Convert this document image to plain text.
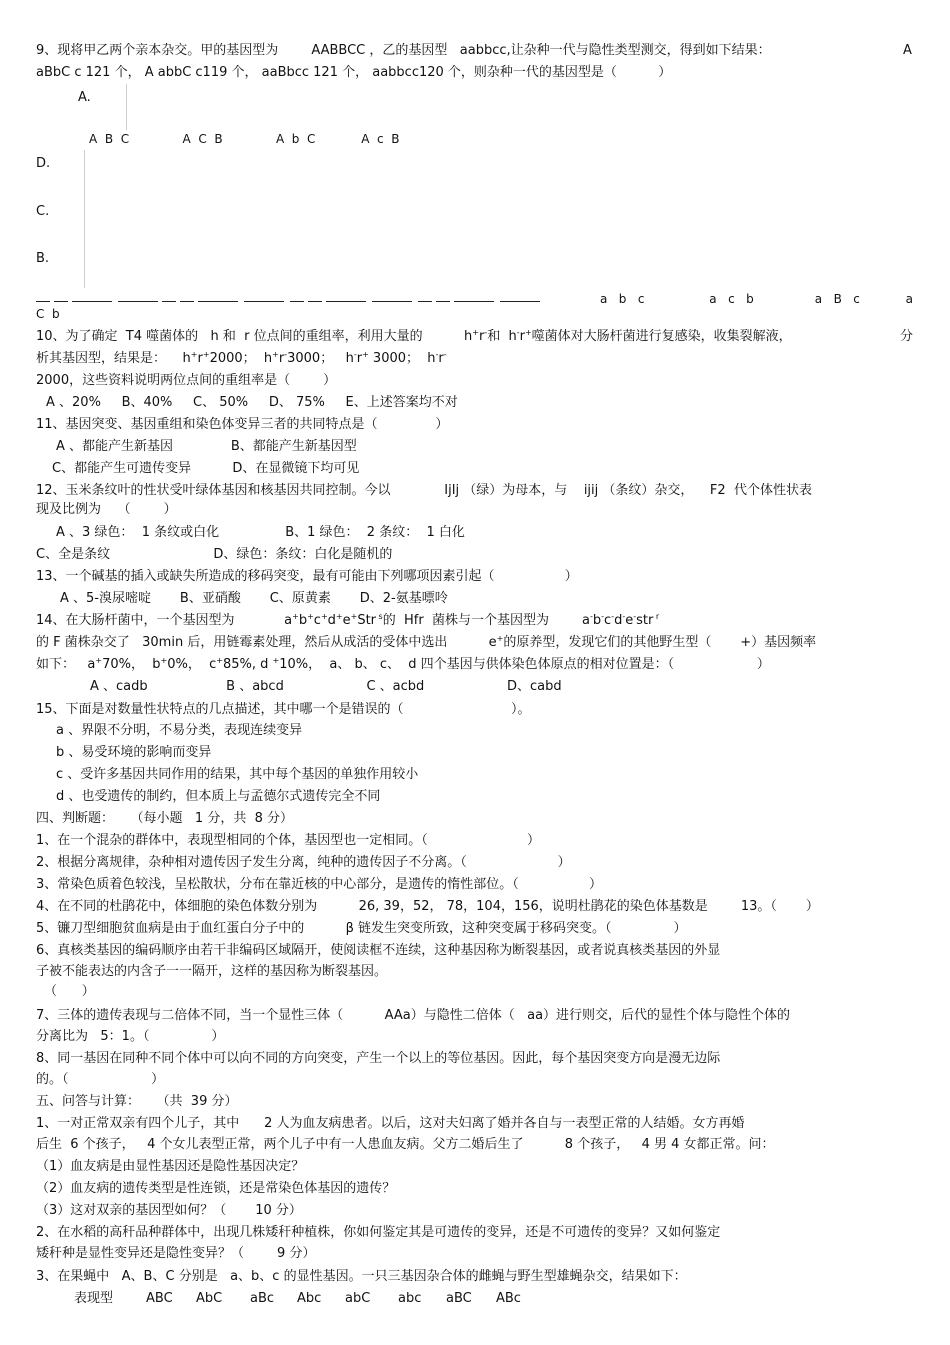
9、现将甲乙两个亲本杂交。甲的基因型为        AABBCC ，乙的基因型   aabbcc,让杂种一代与隐性类型测交，得到如下结果：	A
aBbC c 121 个， A abbC c119 个， aaBbcc 121 个， aabbcc120 个，则杂种一代的基因型是（          ）
A.
A  B  C              A  C  B              A  b  C            A  c  B
D.
C.
B.
a   b   c                 a   c   b                a   B   c            a
C  b
10、为了确定  T4 噬菌体的   h 和  r 位点间的重组率，利用大量的          h+r-和  h-r+噬菌体对大肠杆菌进行复感染，收集裂解液，	分
析其基因型，结果是：    h+r+2000；  h+r-3000；   h-r+ 3000；  h-r-
2000，这些资料说明两位点间的重组率是（        ）
A 、20%     B、40%     C、 50%     D、 75%     E、上述答案均不对
11、基因突变、基因重组和染色体变异三者的共同特点是（              ）
A 、都能产生新基因              B、都能产生新基因型
C、都能产生可遗传变异          D、在显微镜下均可见
12、玉米条纹叶的性状受叶绿体基因和核基因共同控制。今以             IjIj （绿）为母本，与    ijij （条纹）杂交，    F2  代个体性状表
现及比例为    （        ）
A 、3 绿色：  1 条纹或白化                B、1 绿色：  2 条纹：  1 白化
C、全是条纹                         D、绿色：条纹：白化是随机的
13、一个碱基的插入或缺失所造成的移码突变，最有可能由下列哪项因素引起（                 ）
A 、5-溴尿嘧啶       B、亚硝酸       C、原黄素       D、2-氨基嘌呤
14、在大肠杆菌中，一个基因型为            a+b+c+d+e+Str $^s$的  Hfr  菌株与一个基因型为        a-b-c-d-e-str $^r$
的 F 菌株杂交了   30min 后，用链霉素处理，然后从成活的受体中选出          e+的原养型，发现它们的其他野生型（       +）基因频率
如下：   a+70%，  b+0%，  c+85%, d +10%，  a、 b、 c、  d 四个基因与供体染色体原点的相对位置是：（                    ）
A 、cadb                   B 、abcd                    C 、acbd                    D、cabd
15、下面是对数量性状特点的几点描述，其中哪一个是错误的（                          ）。
a 、界限不分明，不易分类，表现连续变异
b 、易受环境的影响而变异
c 、受许多基因共同作用的结果，其中每个基因的单独作用较小
d 、也受遗传的制约，但本质上与孟德尔式遗传完全不同
四、判断题：    （每小题   1 分，共  8 分）
1、在一个混杂的群体中，表现型相同的个体，基因型也一定相同。（                        ）
2、根据分离规律，杂种相对遗传因子发生分离，纯种的遗传因子不分离。（                      ）
3、常染色质着色较浅，呈松散状，分布在靠近核的中心部分，是遗传的惰性部位。（                 ）
4、在不同的杜鹃花中，体细胞的染色体数分别为          26, 39，52， 78，104，156，说明杜鹃花的染色体基数是        13。（       ）
5、镰刀型细胞贫血病是由于血红蛋白分子中的          β 链发生突变所致，这种突变属于移码突变。（               ）
6、真核类基因的编码顺序由若干非编码区域隔开，使阅读框不连续，这种基因称为断裂基因，或者说真核类基因的外显
子被不能表达的内含子一一隔开，这样的基因称为断裂基因。
（      ）
7、三体的遗传表现与二倍体不同，当一个显性三体（          AAa）与隐性二倍体（   aa）进行则交，后代的显性个体与隐性个体的
分离比为   5：1。（               ）
8、同一基因在同种不同个体中可以向不同的方向突变，产生一个以上的等位基因。因此，每个基因突变方向是漫无边际
的。（                    ）
五、问答与计算：    （共  39 分）
1、一对正常双亲有四个儿子，其中      2 人为血友病患者。以后，这对夫妇离了婚并各自与一表型正常的人结婚。女方再婚
后生  6 个孩子，   4 个女儿表型正常，两个儿子中有一人患血友病。父方二婚后生了          8 个孩子，   4 男 4 女都正常。问：
（1）血友病是由显性基因还是隐性基因决定？
（2）血友病的遗传类型是性连锁，还是常染色体基因的遗传？
（3）这对双亲的基因型如何？（       10 分）
2、在水稻的高秆品种群体中，出现几株矮秆种植株，你如何鉴定其是可遗传的变异，还是不可遗传的变异？又如何鉴定
矮秆种是显性变异还是隐性变异？（        9 分）
3、在果蝇中   A、B、C 分别是   a、b、c 的显性基因。一只三基因杂合体的雌蝇与野生型雄蝇杂交，结果如下：
表现型	ABC AbC aBc Abc abC abc aBC ABc
